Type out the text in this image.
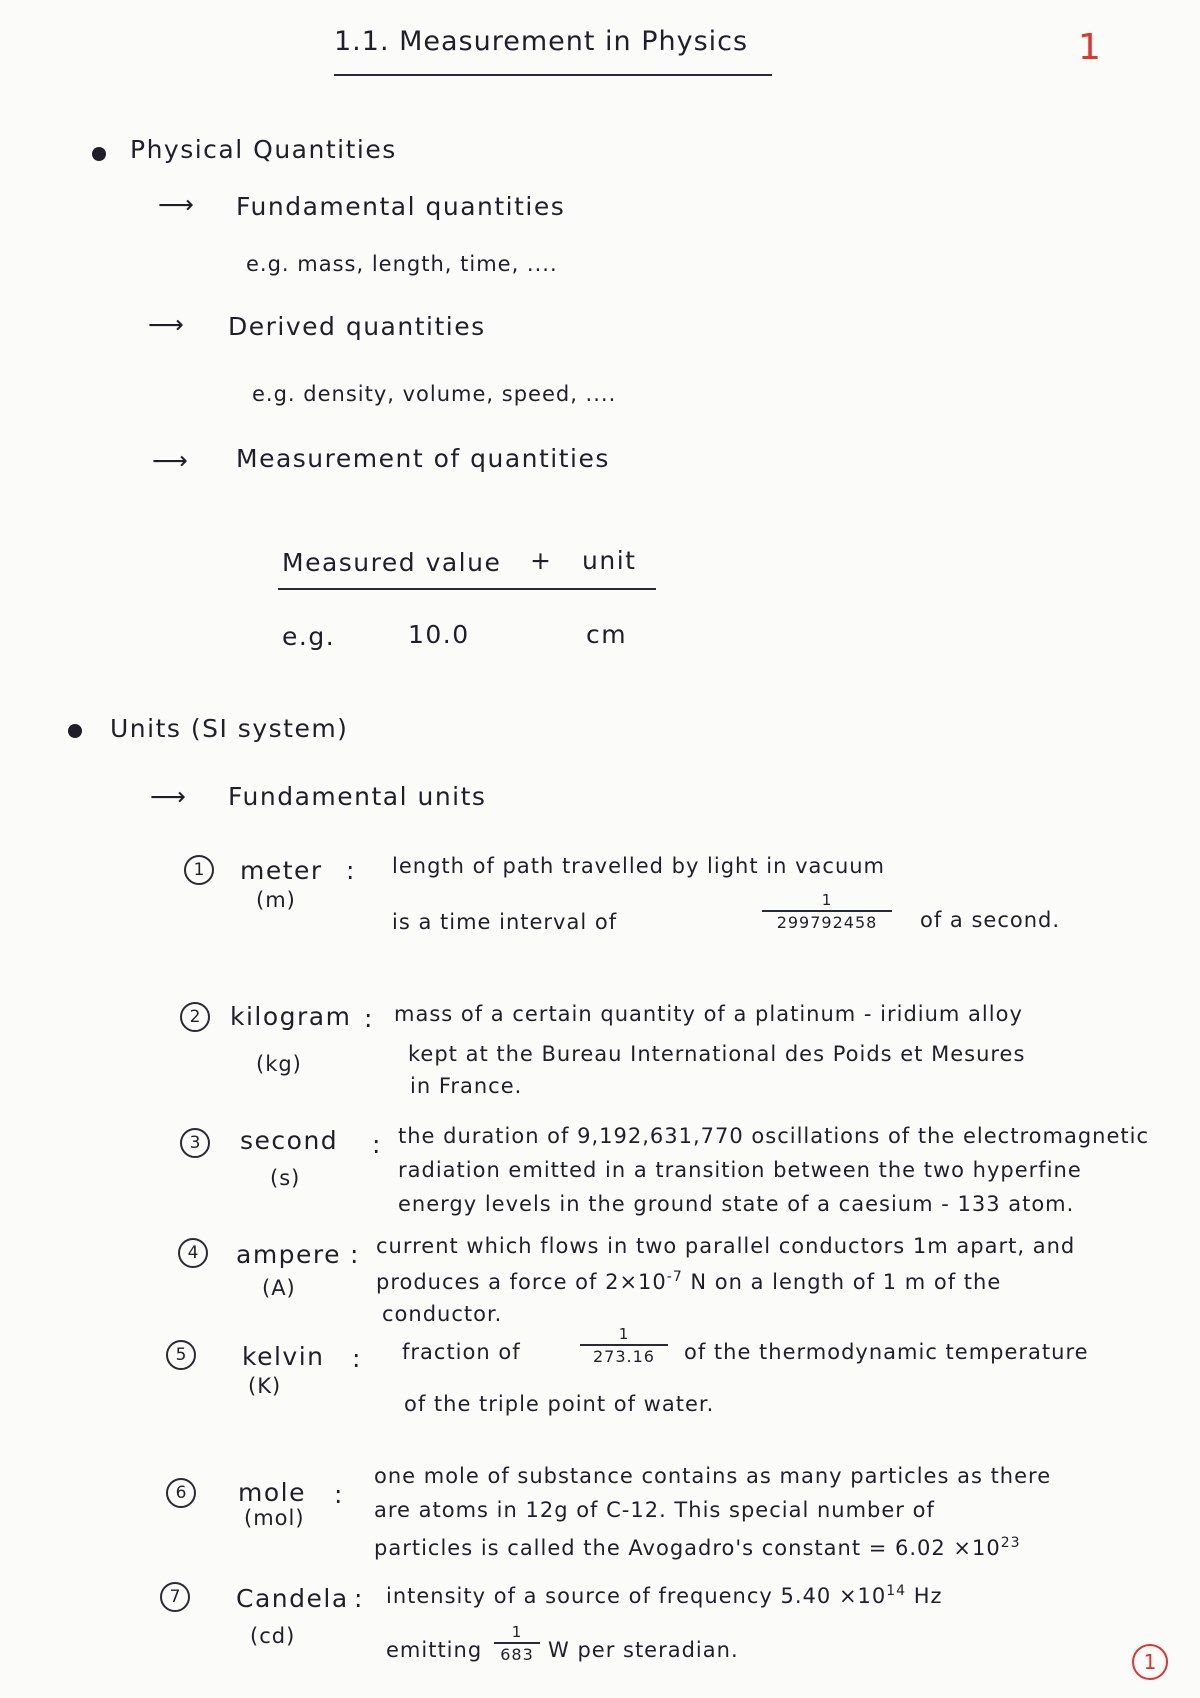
1.1. Measurement in Physics	1
Physical Quantities
⟶ Fundamental quantities
e.g. mass, length, time, ....
⟶ Derived quantities
e.g. density, volume, speed, ....
⟶ Measurement of quantities
Measured value + unit
e.g.	10.0	cm
Units (SI system)
⟶ Fundamental units
1	meter
(m)
: length of path travelled by light in vacuum
is a time interval of
1
299792458	of a second.
2	kilogram
(kg)
: mass of a certain quantity of a platinum - iridium alloy
kept at the Bureau International des Poids et Mesures
in France.
3	second
(s)
: the duration of 9,192,631,770 oscillations of the electromagnetic
radiation emitted in a transition between the two hyperfine
energy levels in the ground state of a caesium - 133 atom.
4	ampere
(A)
: current which flows in two parallel conductors 1m apart, and
produces a force of $2\times 10^{-7}$ N on a length of 1 m of the
conductor.
5	kelvin
(K)
: fraction of
1
273.16	of the thermodynamic temperature
of the triple point of water.
6	mole
(mol)
:
one mole of substance contains as many particles as there
are atoms in 12g of C-12. This special number of
particles is called the Avogadro's constant = $6.02 \times 10^{23}$
7	Candela
(cd)
: intensity of a source of frequency $5.40 \times 10^{14}$ Hz
emitting
1
683 W per steradian.	1
